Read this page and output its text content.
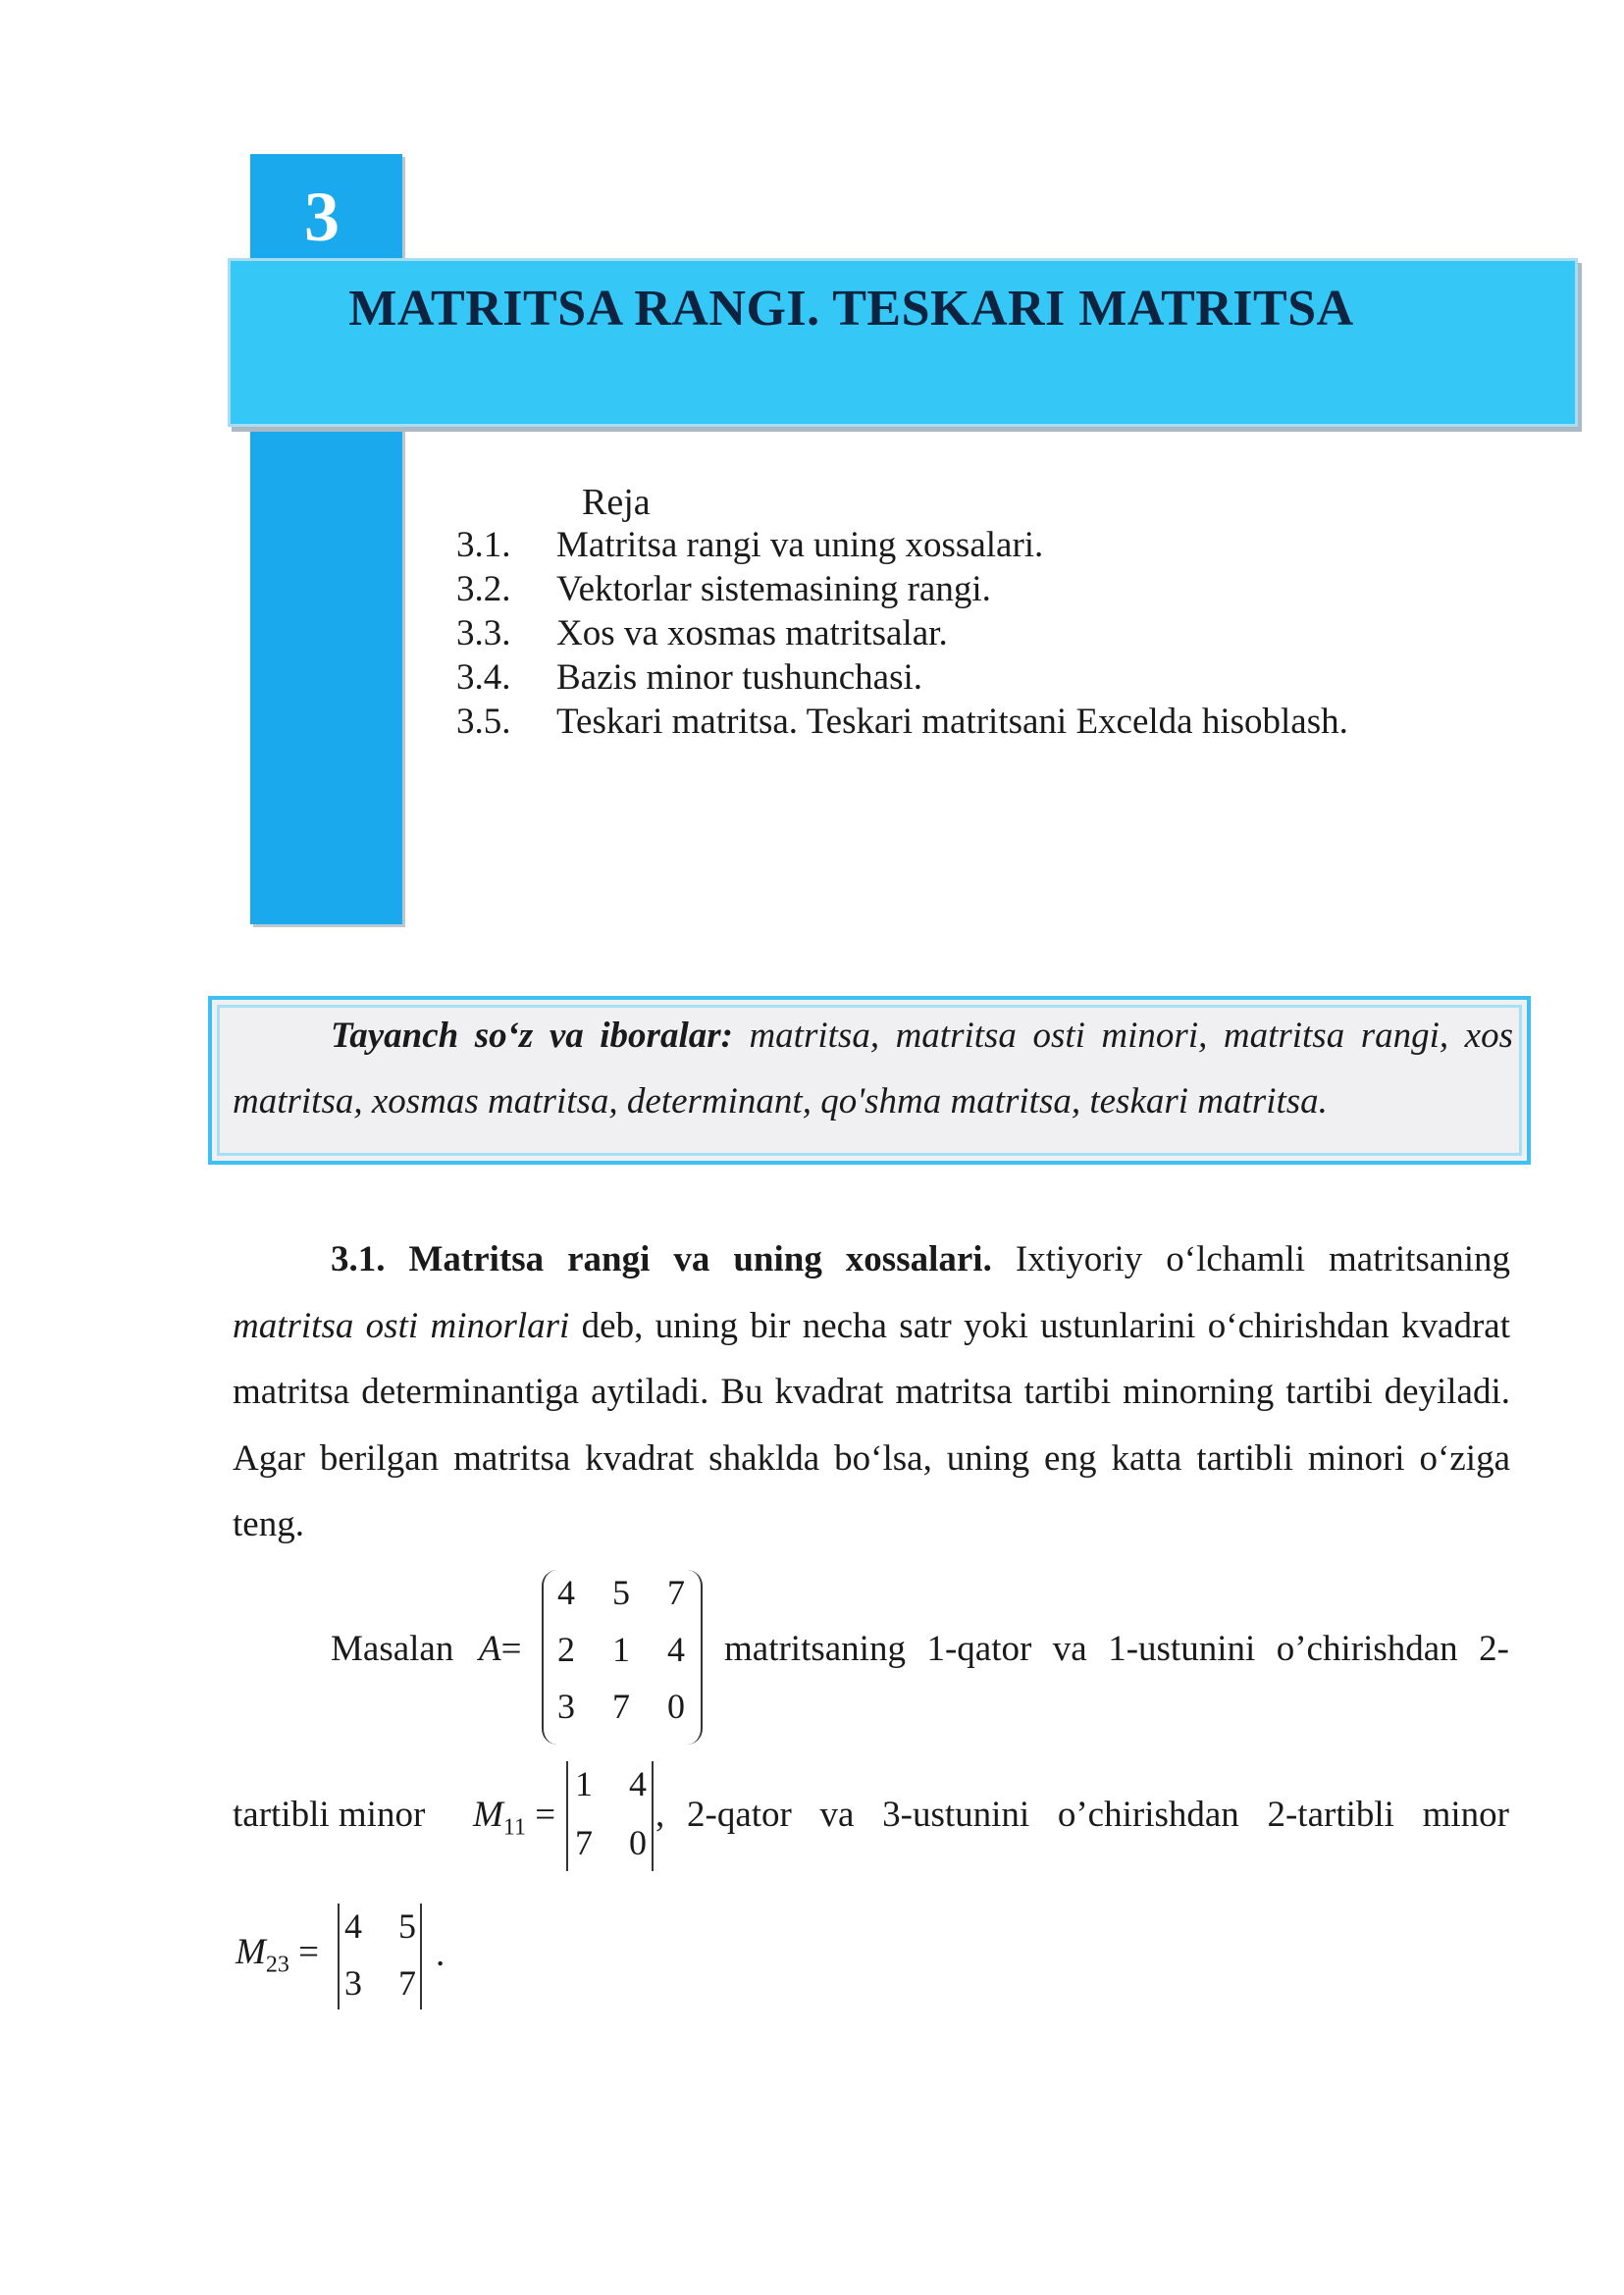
3
MATRITSA RANGI. TESKARI MATRITSA
Reja
3.1. Matritsa rangi va uning xossalari.
3.2. Vektorlar sistemasining rangi.
3.3. Xos va xosmas matritsalar.
3.4. Bazis minor tushunchasi.
3.5. Teskari matritsa. Teskari matritsani Excelda hisoblash.
Tayanch so‘z va iboralar: matritsa, matritsa osti minori, matritsa rangi, xos matritsa, xosmas matritsa, determinant, qo'shma matritsa, teskari matritsa.
3.1. Matritsa rangi va uning xossalari. Ixtiyoriy o‘lchamli matritsaning matritsa osti minorlari deb, uning bir necha satr yoki ustunlarini o‘chirishdan kvadrat matritsa determinantiga aytiladi. Bu kvadrat matritsa tartibi minorning tartibi deyiladi. Agar berilgan matritsa kvadrat shaklda bo‘lsa, uning eng katta tartibli minori o‘ziga teng.
Masalan A=
4	5	7
2	1	4
3	7	0
matritsaning 1-qator va 1-ustunini o’chirishdan 2-
tartibli minor $M_{11}$ =
1	4
7	0
, 2-qator va 3-ustunini o’chirishdan 2-tartibli minor
$M_{23}$ =
4	5
3	7
.
